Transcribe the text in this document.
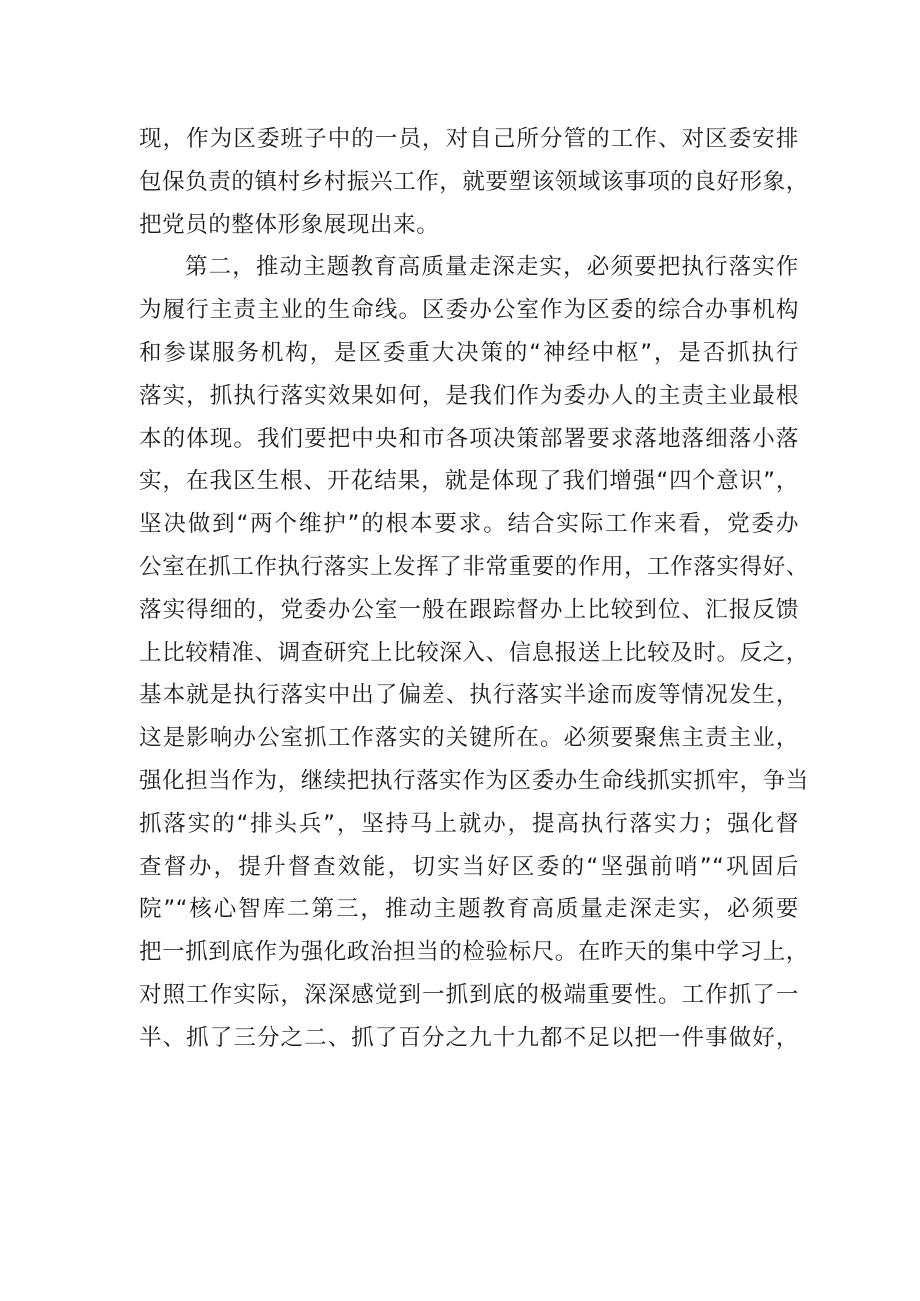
现，作为区委班子中的一员，对自己所分管的工作、对区委安排
包保负责的镇村乡村振兴工作，就要塑该领域该事项的良好形象，
把党员的整体形象展现出来。
第二，推动主题教育高质量走深走实，必须要把执行落实作
为履行主责主业的生命线。区委办公室作为区委的综合办事机构
和参谋服务机构，是区委重大决策的“神经中枢”，是否抓执行
落实，抓执行落实效果如何，是我们作为委办人的主责主业最根
本的体现。我们要把中央和市各项决策部署要求落地落细落小落
实，在我区生根、开花结果，就是体现了我们增强“四个意识”，
坚决做到“两个维护”的根本要求。结合实际工作来看，党委办
公室在抓工作执行落实上发挥了非常重要的作用，工作落实得好、
落实得细的，党委办公室一般在跟踪督办上比较到位、汇报反馈
上比较精准、调查研究上比较深入、信息报送上比较及时。反之，
基本就是执行落实中出了偏差、执行落实半途而废等情况发生，
这是影响办公室抓工作落实的关键所在。必须要聚焦主责主业，
强化担当作为，继续把执行落实作为区委办生命线抓实抓牢，争当
抓落实的“排头兵”，坚持马上就办，提高执行落实力；强化督
查督办，提升督查效能，切实当好区委的“坚强前哨”“巩固后
院”“核心智库二第三，推动主题教育高质量走深走实，必须要
把一抓到底作为强化政治担当的检验标尺。在昨天的集中学习上，
对照工作实际，深深感觉到一抓到底的极端重要性。工作抓了一
半、抓了三分之二、抓了百分之九十九都不足以把一件事做好，
